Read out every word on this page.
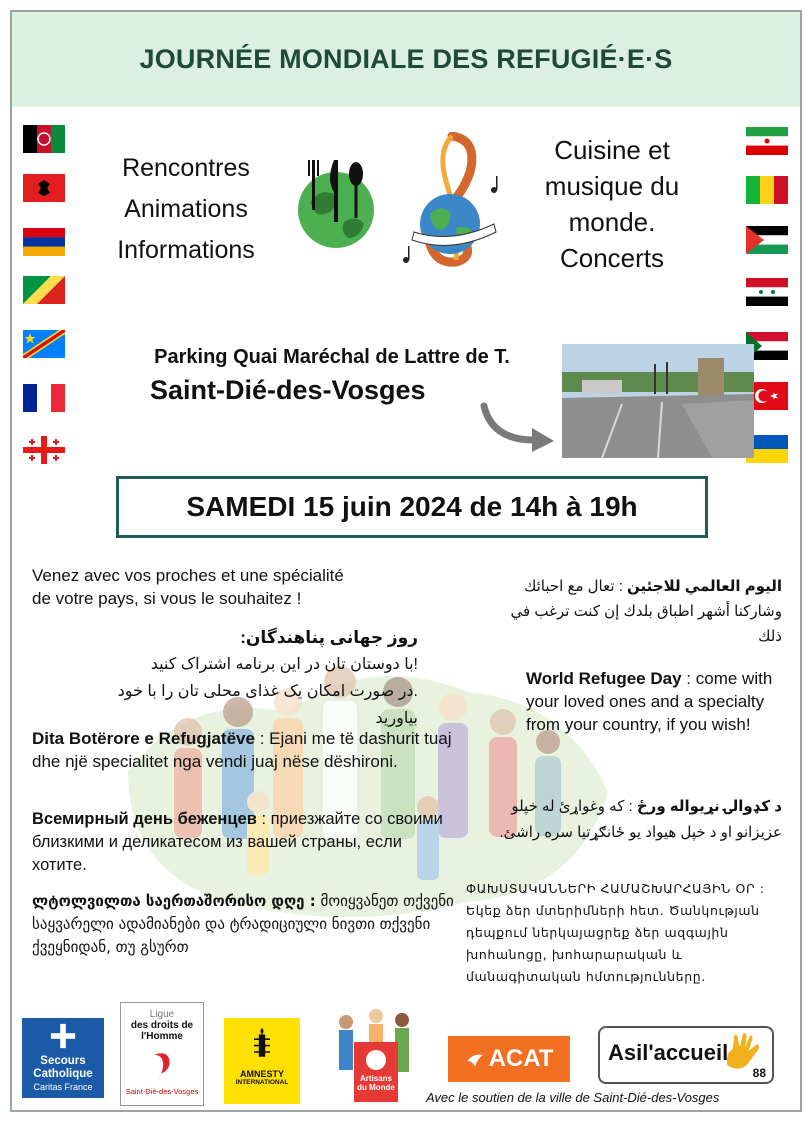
JOURNÉE MONDIALE DES REFUGIÉ·E·S
Rencontres
Animations
Informations
Cuisine et
musique du
monde.
Concerts
Parking Quai Maréchal de Lattre de T.
Saint-Dié-des-Vosges
SAMEDI 15 juin 2024 de 14h à 19h
Venez avec vos proches et une spécialité de votre pays, si vous le souhaitez !
روز جهانی پناهندگان:
!با دوستان تان در این برنامه اشتراک کنید
.در صورت امکان یک غذای محلی تان را با خود بیاورید
اليوم العالمي للاجئين : تعال مع احبائك وشاركنا أشهر اطباق بلدك إن كنت ترغب في ذلك
World Refugee Day : come with your loved ones and a specialty from your country, if you wish!
Dita Botërore e Refugjatëve : Ejani me të dashurit tuaj dhe një specialitet nga vendi juaj nëse dëshironi.
د کډوالۍ نړیواله ورځ : که وغواړئ له خپلو عزیزانو او د خپل هیواد یو ځانګړتیا سره راشئ.
Всемирный день беженцев : приезжайте со своими близкими и деликатесом из вашей страны, если хотите.
ლტოლვილთა საერთაშორისო დღე : მოიყვანეთ თქვენი საყვარელი ადამიანები და ტრადიციული ნივთი თქვენი ქვეყნიდან, თუ გსურთ
ՓԱԽՍՏԱԿԱՆՆԵՐԻ ՀԱՄԱՇԽԱՐՀԱՅԻՆ ՕՐ : Եկեք ձեր մտերիմների հետ. Ծանկության դեպքում ներկայացրեք ձեր ազգային խոհանոցը, խոհարարական և մանագիտական հմտությունները.
Secours
Catholique
Caritas France
Ligue
des droits de
l'Homme
Saint-Dié-des-Vosges
AMNESTY
INTERNATIONAL	Artisans
du Monde
ACAT Asil'accueil
88
Avec le soutien de la ville de Saint-Dié-des-Vosges
